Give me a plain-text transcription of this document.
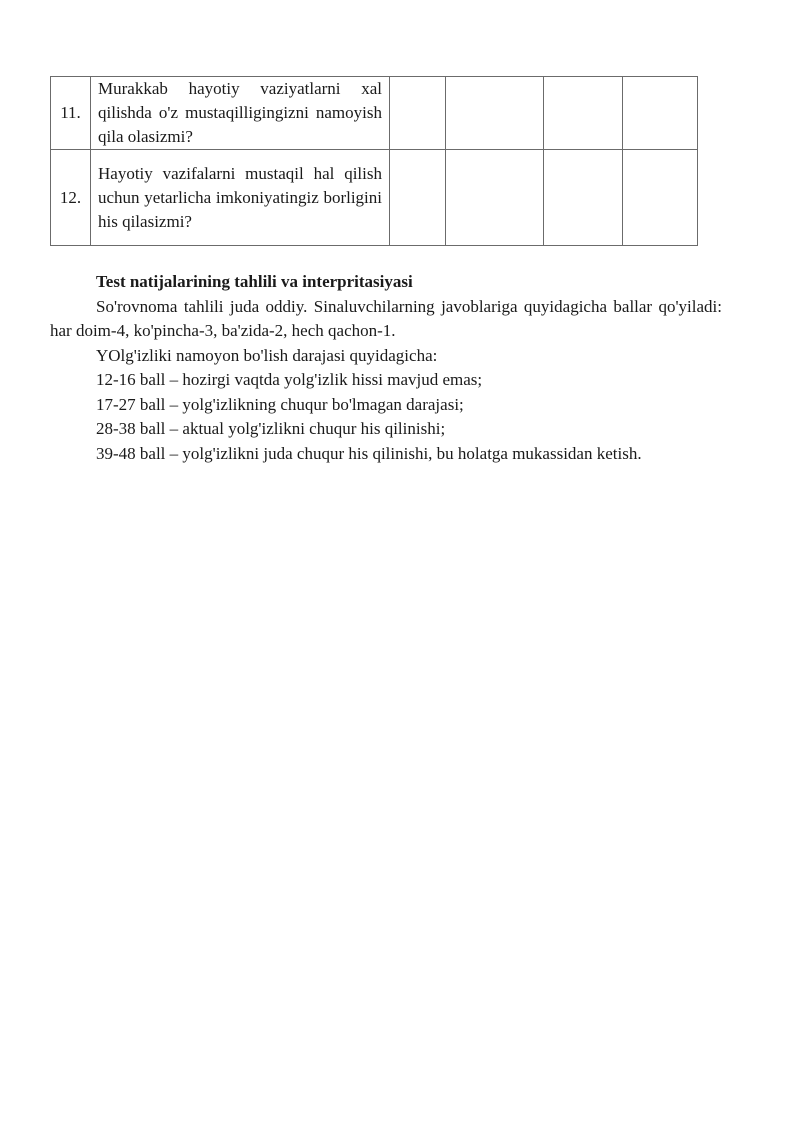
11.	Murakkab hayotiy vaziyatlarni xal qilishda o'z mustaqilligingizni namoyish qila olasizmi?				
12.	Hayotiy vazifalarni mustaqil hal qilish uchun yetarlicha imkoniyatingiz borligini his qilasizmi?				
Test natijalarining tahlili va interpritasiyasi

So'rovnoma tahlili juda oddiy. Sinaluvchilarning javoblariga quyidagicha ballar qo'yiladi: har doim-4, ko'pincha-3, ba'zida-2, hech qachon-1.

YOlg'izliki namoyon bo'lish darajasi quyidagicha:

12-16 ball – hozirgi vaqtda yolg'izlik hissi mavjud emas;

17-27 ball – yolg'izlikning chuqur bo'lmagan darajasi;

28-38 ball – aktual yolg'izlikni chuqur his qilinishi;

39-48 ball – yolg'izlikni juda chuqur his qilinishi, bu holatga mukassidan ketish.
